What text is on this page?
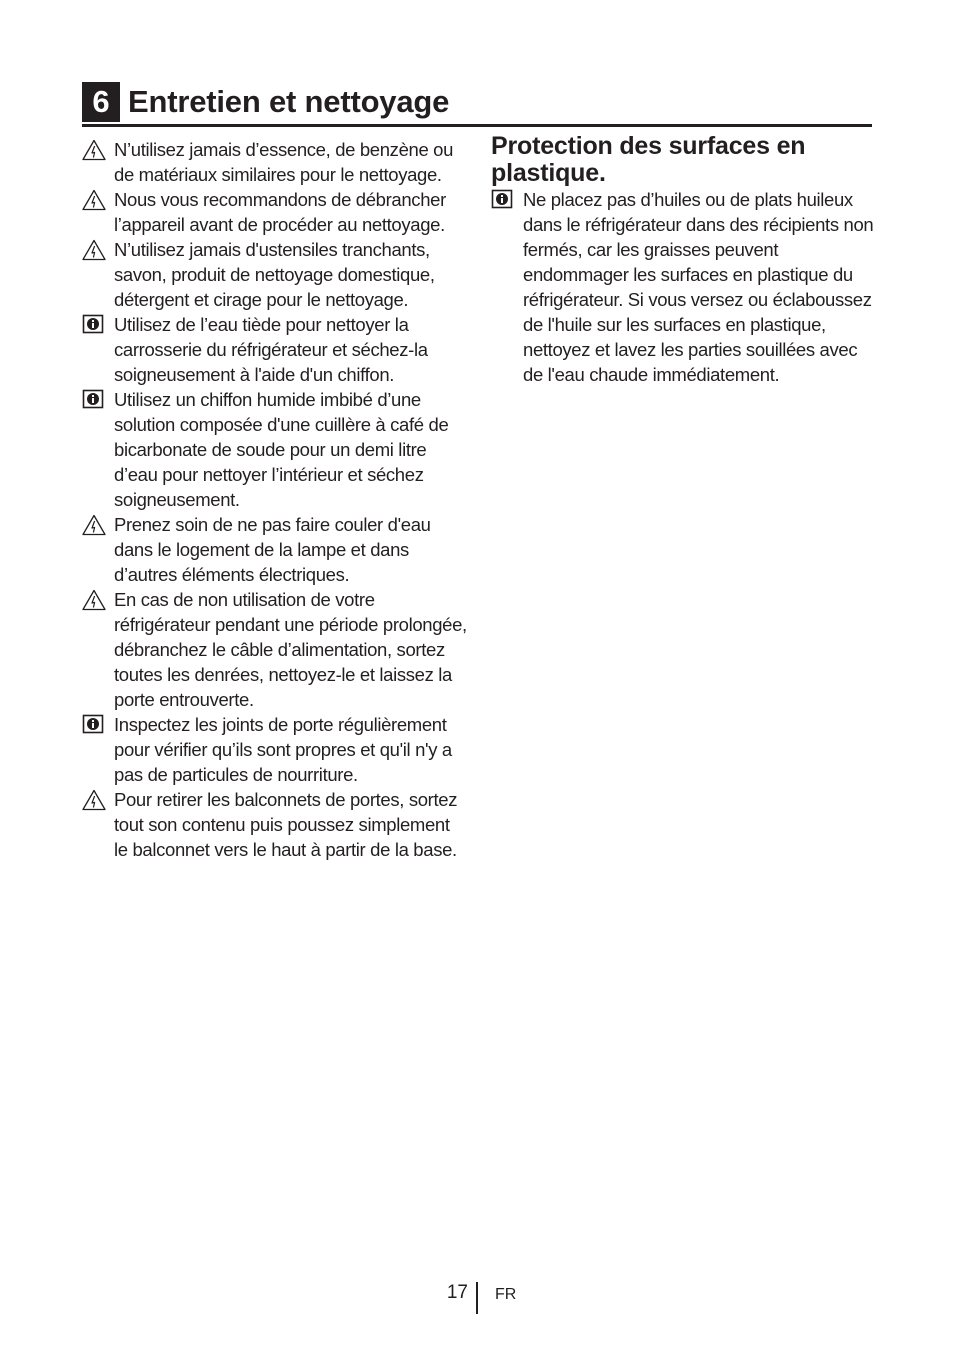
6 Entretien et nettoyage
N’utilisez jamais d’essence, de benzène ou de matériaux similaires pour le nettoyage.
Nous vous recommandons de débrancher l’appareil avant de procéder au nettoyage.
N’utilisez jamais d'ustensiles tranchants, savon, produit de nettoyage domestique, détergent et cirage pour le nettoyage.
Utilisez de l’eau tiède pour nettoyer la carrosserie du réfrigérateur et séchez-la soigneusement à l'aide d'un chiffon.
Utilisez un chiffon humide imbibé d’une solution composée d'une cuillère à café de bicarbonate de soude pour un demi litre d’eau pour nettoyer l’intérieur et séchez soigneusement.
Prenez soin de ne pas faire couler d'eau dans le logement de la lampe et dans d’autres éléments électriques.
En cas de non utilisation de votre réfrigérateur pendant une période prolongée, débranchez le câble d’alimentation, sortez toutes les denrées, nettoyez-le et laissez la porte entrouverte.
Inspectez les joints de porte régulièrement pour vérifier qu’ils sont propres et qu'il n'y a pas de particules de nourriture.
Pour retirer les balconnets de portes, sortez tout son contenu puis poussez simplement le balconnet vers le haut à partir de la base.
Protection des surfaces en plastique.
Ne placez pas d’huiles ou de plats huileux dans le réfrigérateur dans des récipients non fermés, car les graisses peuvent endommager les surfaces en plastique du réfrigérateur. Si vous versez ou éclaboussez de l'huile sur les surfaces en plastique, nettoyez et lavez les parties souillées avec de l'eau chaude immédiatement.
17 FR
